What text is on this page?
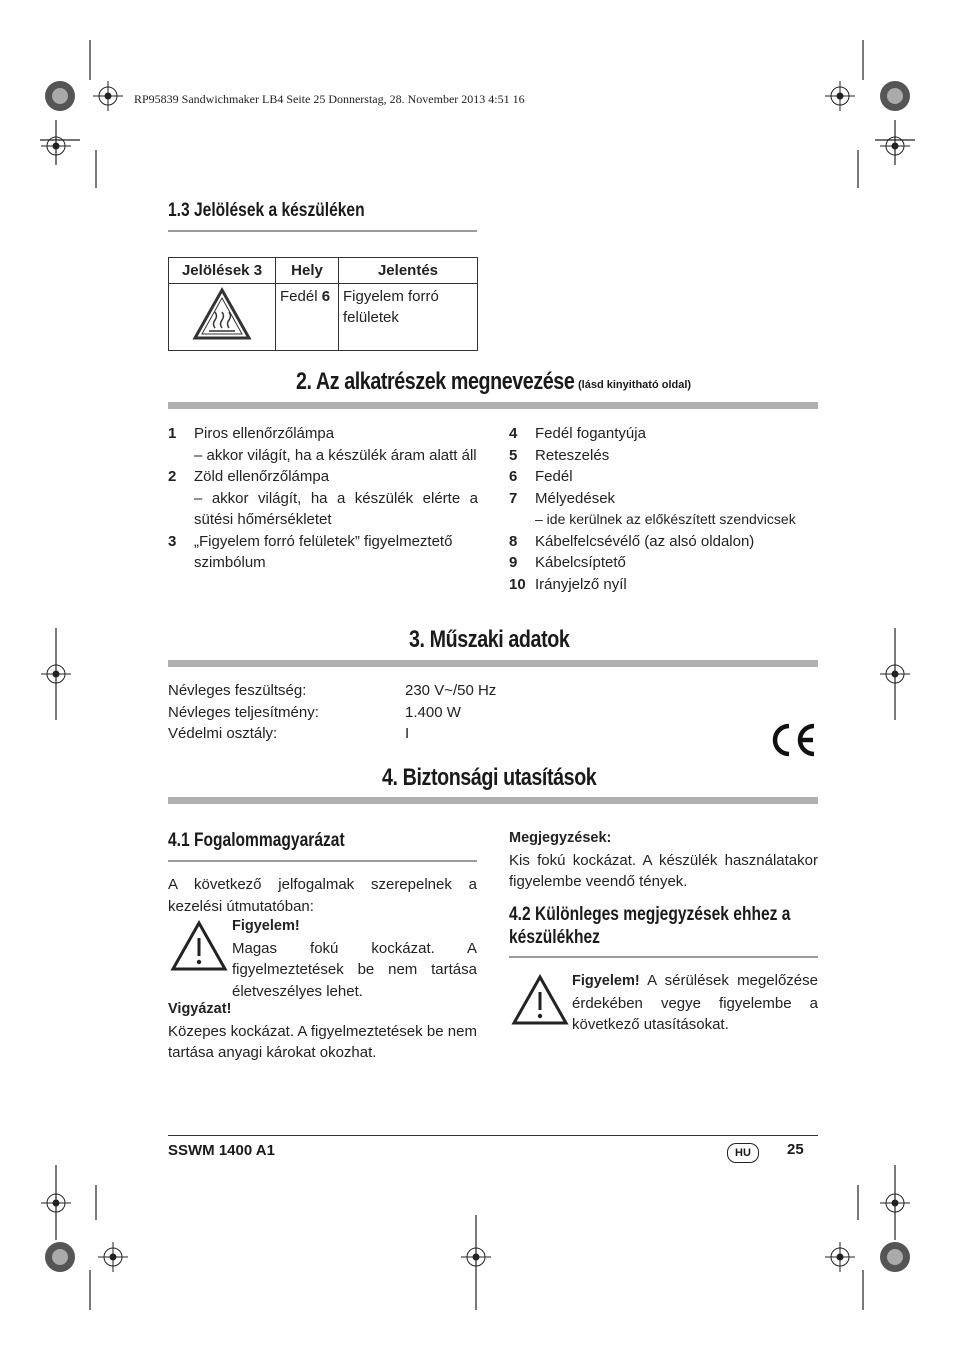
RP95839 Sandwichmaker LB4 Seite 25 Donnerstag, 28. November 2013 4:51 16
1.3 Jelölések a készüléken
Jelölések 3	Hely	Jelentés
	Fedél 6	Figyelem forró felületek
2. Az alkatrészek megnevezése (lásd kinyitható oldal)
1 Piros ellenőrzőlámpa
– akkor világít, ha a készülék áram alatt áll
2 Zöld ellenőrzőlámpa
– akkor világít, ha a készülék elérte a sütési hőmérsékletet
3	„Figyelem forró felületek” figyelmeztető szimbólum
4 Fedél fogantyúja
5 Reteszelés
6 Fedél
7 Mélyedések
– ide kerülnek az előkészített szendvicsek
8 Kábelfelcsévélő (az alsó oldalon)
9 Kábelcsíptető
10 Irányjelző nyíl
3. Műszaki adatok
Névleges feszültség:	230 V~/50 Hz
Névleges teljesítmény:	1.400 W
Védelmi osztály:	I
4. Biztonsági utasítások
4.1 Fogalommagyarázat
A következő jelfogalmak szerepelnek a kezelési útmutatóban:
Figyelem!
Magas fokú kockázat. A figyelmeztetések be nem tartása életveszélyes lehet.
Vigyázat!
Közepes kockázat. A figyelmeztetések be nem tartása anyagi károkat okozhat.
Megjegyzések:
Kis fokú kockázat. A készülék használatakor figyelembe veendő tények.
4.2 Különleges megjegyzések ehhez a készülékhez
Figyelem! A sérülések megelőzése érdekében vegye figyelembe a következő utasításokat.
SSWM 1400 A1	HU	25
